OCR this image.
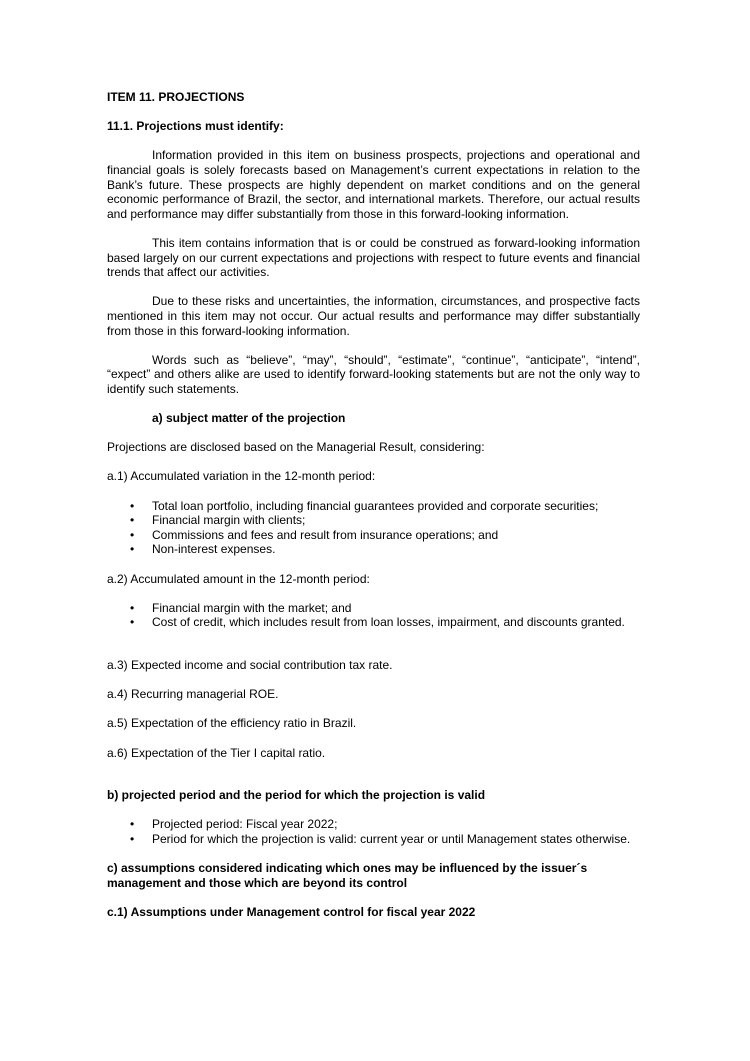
ITEM 11. PROJECTIONS

11.1. Projections must identify:

Information provided in this item on business prospects, projections and operational and financial goals is solely forecasts based on Management’s current expectations in relation to the Bank’s future. These prospects are highly dependent on market conditions and on the general economic performance of Brazil, the sector, and international markets. Therefore, our actual results and performance may differ substantially from those in this forward-looking information.

This item contains information that is or could be construed as forward-looking information based largely on our current expectations and projections with respect to future events and financial trends that affect our activities.

Due to these risks and uncertainties, the information, circumstances, and prospective facts mentioned in this item may not occur. Our actual results and performance may differ substantially from those in this forward-looking information.

Words such as “believe”, “may”, “should”, “estimate”, “continue”, “anticipate”, “intend”, “expect” and others alike are used to identify forward-looking statements but are not the only way to identify such statements.

a) subject matter of the projection

Projections are disclosed based on the Managerial Result, considering:

a.1) Accumulated variation in the 12-month period:

• Total loan portfolio, including financial guarantees provided and corporate securities;
• Financial margin with clients;
• Commissions and fees and result from insurance operations; and
• Non-interest expenses.

a.2) Accumulated amount in the 12-month period:

• Financial margin with the market; and
• Cost of credit, which includes result from loan losses, impairment, and discounts granted.

a.3) Expected income and social contribution tax rate.

a.4) Recurring managerial ROE.

a.5) Expectation of the efficiency ratio in Brazil.

a.6) Expectation of the Tier I capital ratio.

b) projected period and the period for which the projection is valid

• Projected period: Fiscal year 2022;
• Period for which the projection is valid: current year or until Management states otherwise.

c) assumptions considered indicating which ones may be influenced by the issuer´s management and those which are beyond its control

c.1) Assumptions under Management control for fiscal year 2022
